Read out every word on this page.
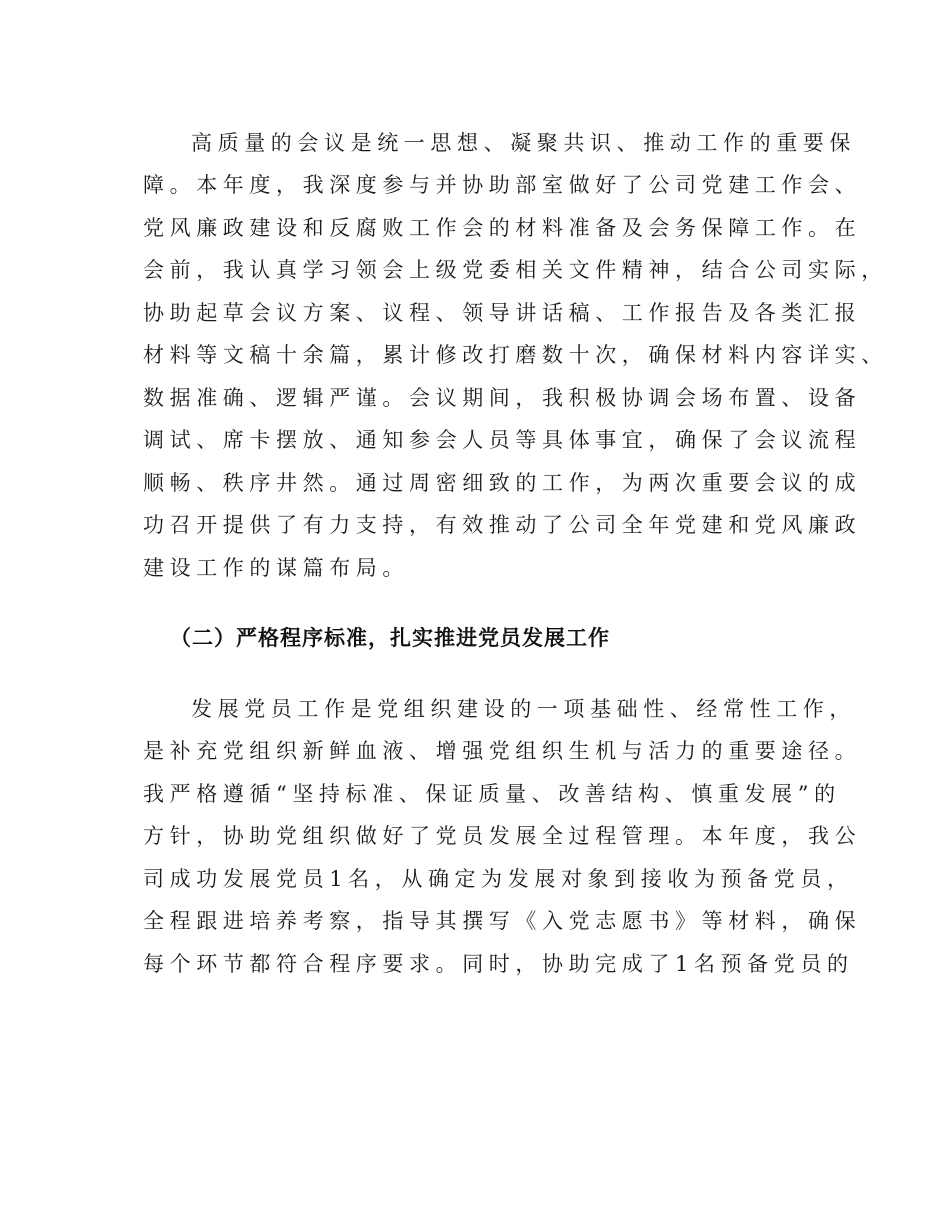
高质量的会议是统一思想、凝聚共识、推动工作的重要保
障。本年度，我深度参与并协助部室做好了公司党建工作会、
党风廉政建设和反腐败工作会的材料准备及会务保障工作。在
会前，我认真学习领会上级党委相关文件精神，结合公司实际，
协助起草会议方案、议程、领导讲话稿、工作报告及各类汇报
材料等文稿十余篇，累计修改打磨数十次，确保材料内容详实、
数据准确、逻辑严谨。会议期间，我积极协调会场布置、设备
调试、席卡摆放、通知参会人员等具体事宜，确保了会议流程
顺畅、秩序井然。通过周密细致的工作，为两次重要会议的成
功召开提供了有力支持，有效推动了公司全年党建和党风廉政
建设工作的谋篇布局。
（二）严格程序标准，扎实推进党员发展工作
发展党员工作是党组织建设的一项基础性、经常性工作，
是补充党组织新鲜血液、增强党组织生机与活力的重要途径。
我严格遵循“坚持标准、保证质量、改善结构、慎重发展”的
方针，协助党组织做好了党员发展全过程管理。本年度，我公
司成功发展党员1名，从确定为发展对象到接收为预备党员，
全程跟进培养考察，指导其撰写《入党志愿书》等材料，确保
每个环节都符合程序要求。同时，协助完成了1名预备党员的
